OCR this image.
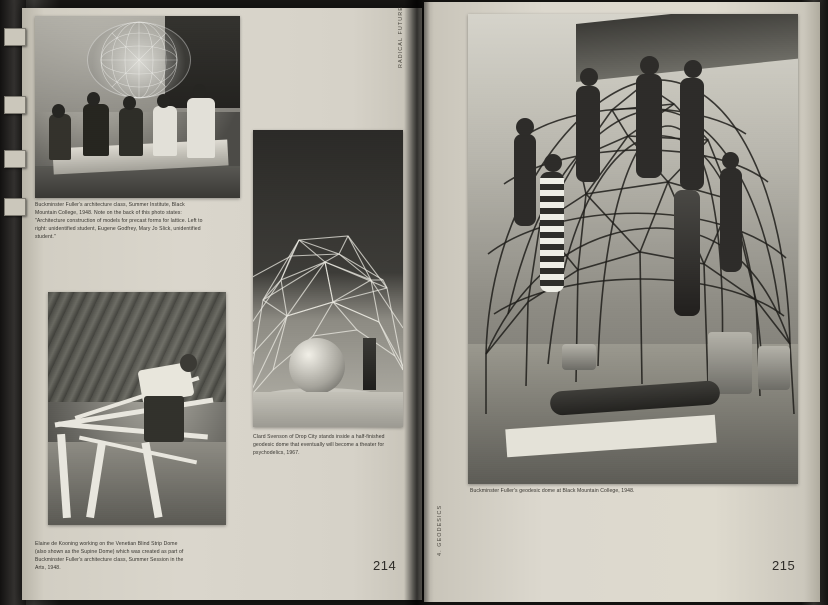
Buckminster Fuller's architecture class, Summer Institute, Black Mountain College, 1948. Note on the back of this photo states: "Architecture construction of models for precast forms for lattice. Left to right: unidentified student, Eugene Godfrey, Mary Jo Slick, unidentified student."
Elaine de Kooning working on the Venetian Blind Strip Dome (also shown as the Supine Dome) which was created as part of Buckminster Fuller's architecture class, Summer Session in the Arts, 1948.
Clard Svenson of Drop City stands inside a half-finished geodesic dome that eventually will become a theater for psychodelics, 1967.
214
RADICAL FUTURE
Buckminster Fuller's geodesic dome at Black Mountain College, 1948.
215
4. GEODESICS
